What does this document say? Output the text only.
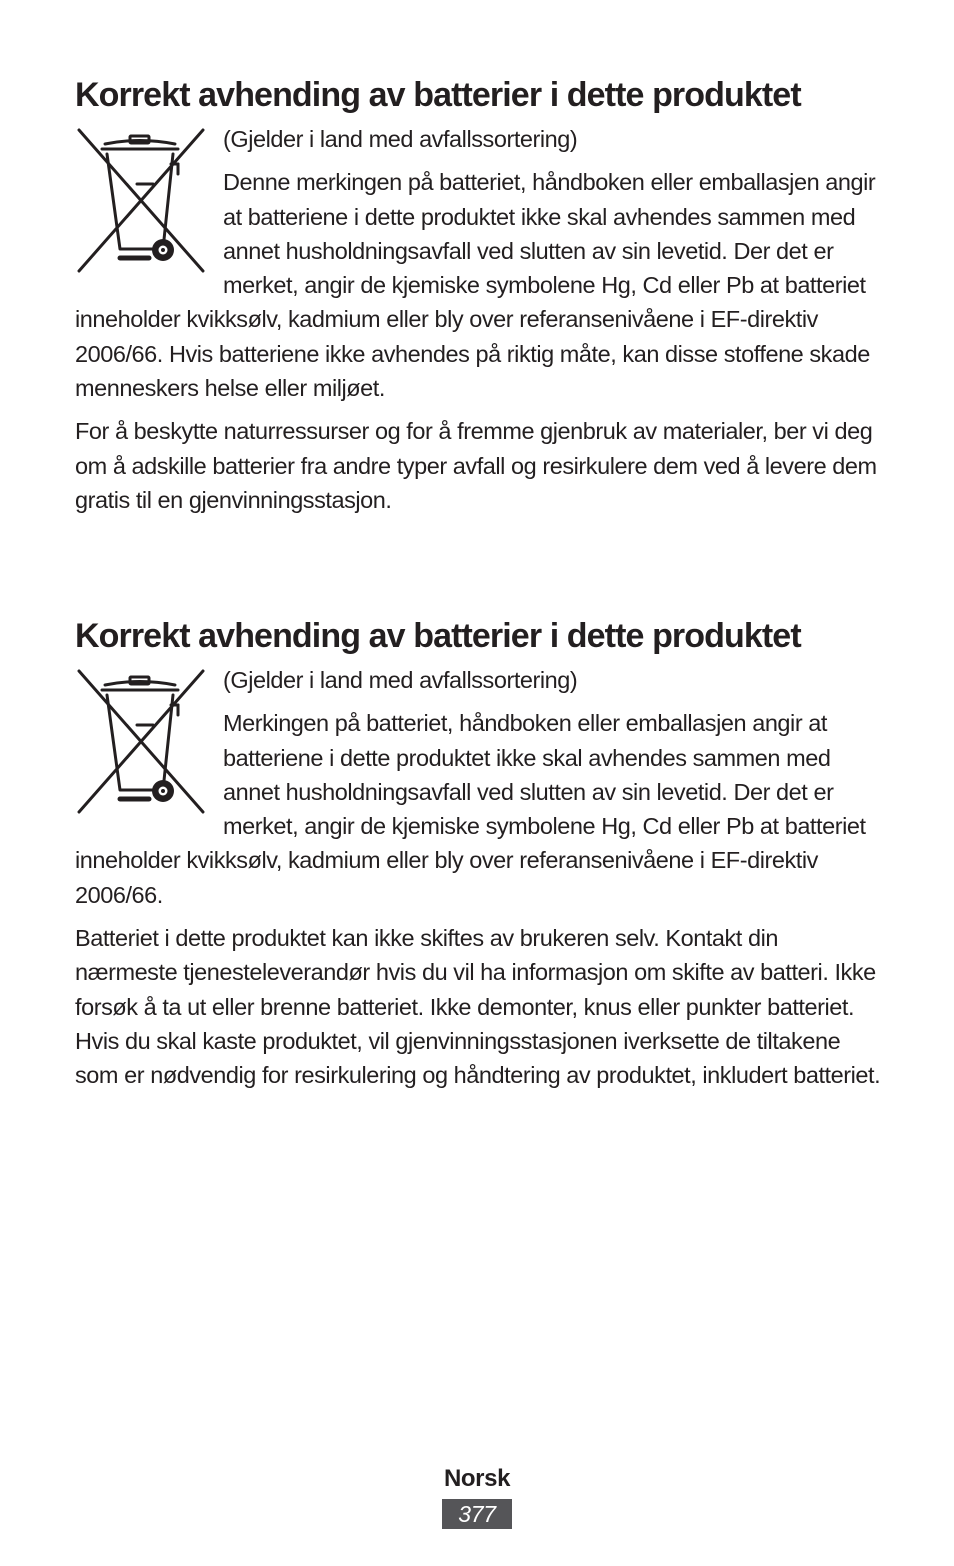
Korrekt avhending av batterier i dette produktet

(Gjelder i land med avfallssortering)

Denne merkingen på batteriet, håndboken eller emballasjen angir at batteriene i dette produktet ikke skal avhendes sammen med annet husholdningsavfall ved slutten av sin levetid. Der det er merket, angir de kjemiske symbolene Hg, Cd eller Pb at batteriet inneholder kvikksølv, kadmium eller bly over referansenivåene i EF-direktiv 2006/66. Hvis batteriene ikke avhendes på riktig måte, kan disse stoffene skade menneskers helse eller miljøet.

For å beskytte naturressurser og for å fremme gjenbruk av materialer, ber vi deg om å adskille batterier fra andre typer avfall og resirkulere dem ved å levere dem gratis til en gjenvinningsstasjon.

Korrekt avhending av batterier i dette produktet

(Gjelder i land med avfallssortering)

Merkingen på batteriet, håndboken eller emballasjen angir at batteriene i dette produktet ikke skal avhendes sammen med annet husholdningsavfall ved slutten av sin levetid. Der det er merket, angir de kjemiske symbolene Hg, Cd eller Pb at batteriet inneholder kvikksølv, kadmium eller bly over referansenivåene i EF-direktiv 2006/66.

Batteriet i dette produktet kan ikke skiftes av brukeren selv. Kontakt din nærmeste tjenesteleverandør hvis du vil ha informasjon om skifte av batteri. Ikke forsøk å ta ut eller brenne batteriet. Ikke demonter, knus eller punkter batteriet. Hvis du skal kaste produktet, vil gjenvinningsstasjonen iverksette de tiltakene som er nødvendig for resirkulering og håndtering av produktet, inkludert batteriet.

Norsk
377
